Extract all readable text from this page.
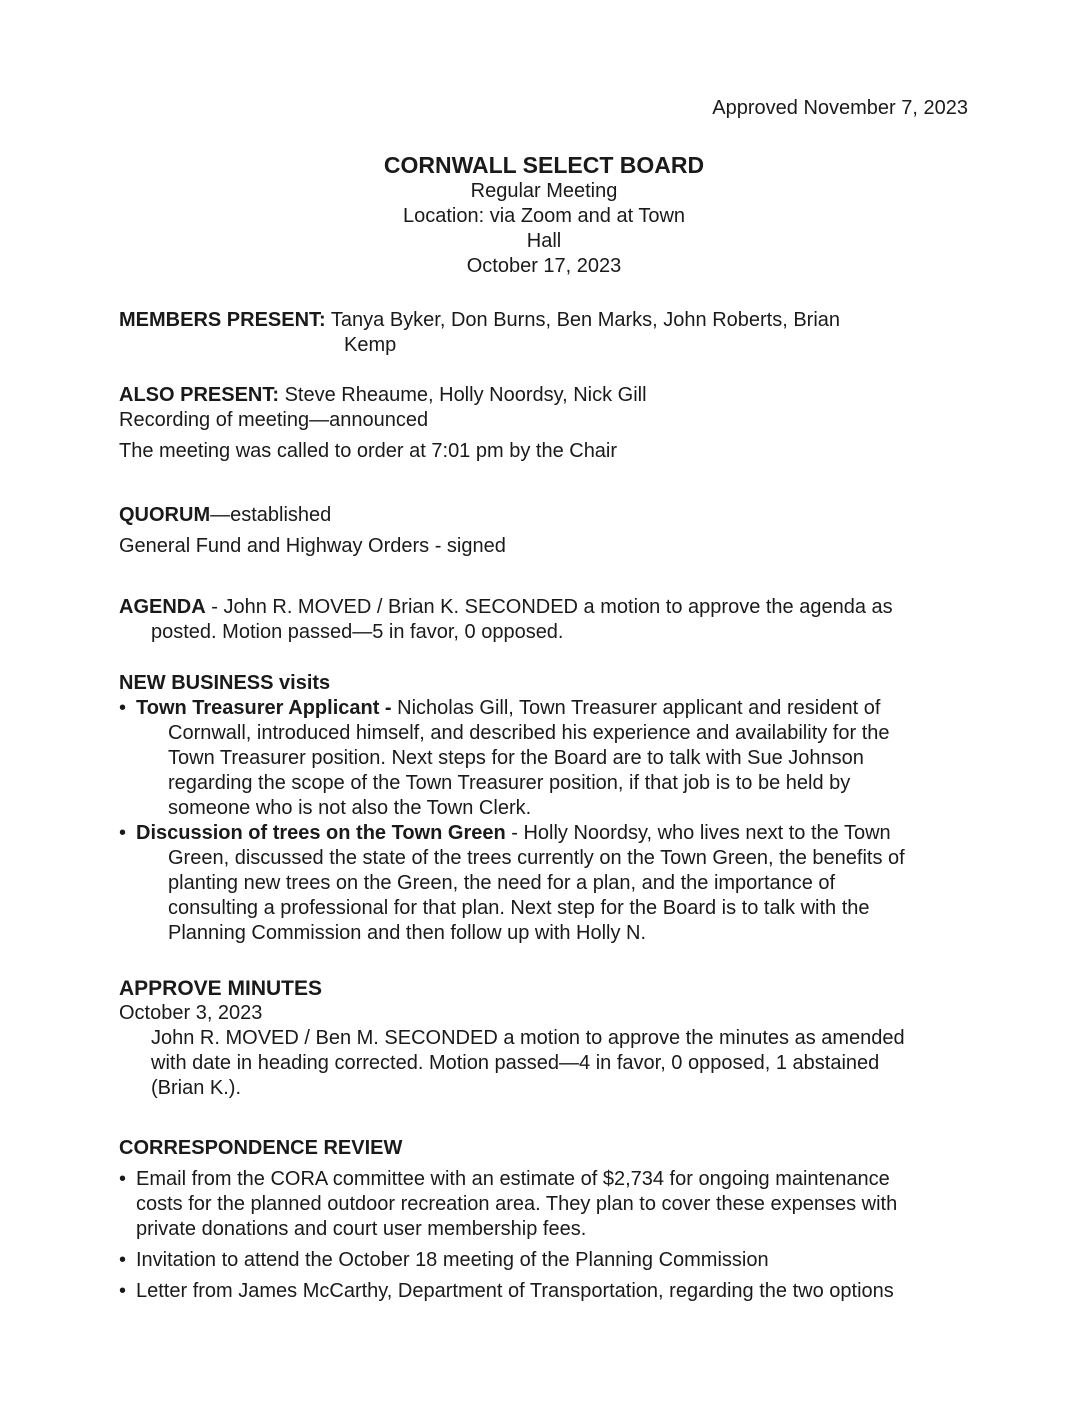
Approved November 7, 2023
CORNWALL SELECT BOARD
Regular Meeting
Location: via Zoom and at Town
Hall
October 17, 2023
MEMBERS PRESENT: Tanya Byker, Don Burns, Ben Marks, John Roberts, Brian
Kemp
ALSO PRESENT: Steve Rheaume, Holly Noordsy, Nick Gill
Recording of meeting—announced
The meeting was called to order at 7:01 pm by the Chair
QUORUM—established
General Fund and Highway Orders - signed
AGENDA - John R. MOVED / Brian K. SECONDED a motion to approve the agenda as
posted. Motion passed—5 in favor, 0 opposed.
NEW BUSINESS visits
• Town Treasurer Applicant - Nicholas Gill, Town Treasurer applicant and resident of
Cornwall, introduced himself, and described his experience and availability for the
Town Treasurer position. Next steps for the Board are to talk with Sue Johnson
regarding the scope of the Town Treasurer position, if that job is to be held by
someone who is not also the Town Clerk.
• Discussion of trees on the Town Green - Holly Noordsy, who lives next to the Town
Green, discussed the state of the trees currently on the Town Green, the benefits of
planting new trees on the Green, the need for a plan, and the importance of
consulting a professional for that plan. Next step for the Board is to talk with the
Planning Commission and then follow up with Holly N.
APPROVE MINUTES
October 3, 2023
John R. MOVED / Ben M. SECONDED a motion to approve the minutes as amended
with date in heading corrected. Motion passed—4 in favor, 0 opposed, 1 abstained
(Brian K.).
CORRESPONDENCE REVIEW
• Email from the CORA committee with an estimate of $2,734 for ongoing maintenance
costs for the planned outdoor recreation area. They plan to cover these expenses with
private donations and court user membership fees.
• Invitation to attend the October 18 meeting of the Planning Commission
• Letter from James McCarthy, Department of Transportation, regarding the two options
